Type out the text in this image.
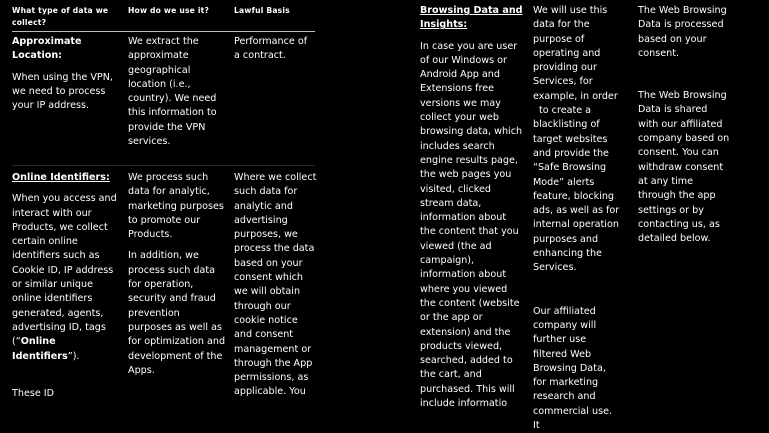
What type of data we collect?
How do we use it?	Lawful Basis

Approximate Location:

When using the VPN, we need to process your IP address.

We extract the approximate geographical location (i.e., country). We need this information to provide the VPN services.
Performance of a contract.

Online Identifiers:

When you access and interact with our Products, we collect certain online identifiers such as Cookie ID, IP address or similar unique online identifiers generated, agents, advertising ID, tags (“Online Identifiers”).

These ID

We process such data for analytic, marketing purposes to promote our Products.

In addition, we process such data for operation, security and fraud prevention purposes as well as for optimization and development of the Apps.

Where we collect such data for analytic and advertising purposes, we process the data based on your consent which we will obtain through our cookie notice and consent management or through the App permissions, as applicable. You

Browsing Data and Insights:

In case you are user of our Windows or Android App and Extensions free versions we may collect your web browsing data, which includes search engine results page, the web pages you visited, clicked stream data, information about the content that you viewed (the ad campaign), information about where you viewed the content (website or the app or extension) and the products viewed, searched, added to the cart, and purchased. This will include informatio

We will use this data for the purpose of operating and providing our Services, for example, in order

to create a blacklisting of target websites and provide the “Safe Browsing Mode” alerts feature, blocking ads, as well as for internal operation purposes and enhancing the Services.

Our affiliated company will further use filtered Web Browsing Data, for marketing research and commercial use. It

The Web Browsing Data is processed based on your consent.

The Web Browsing Data is shared with our affiliated company based on consent. You can withdraw consent at any time through the app settings or by contacting us, as detailed below.
